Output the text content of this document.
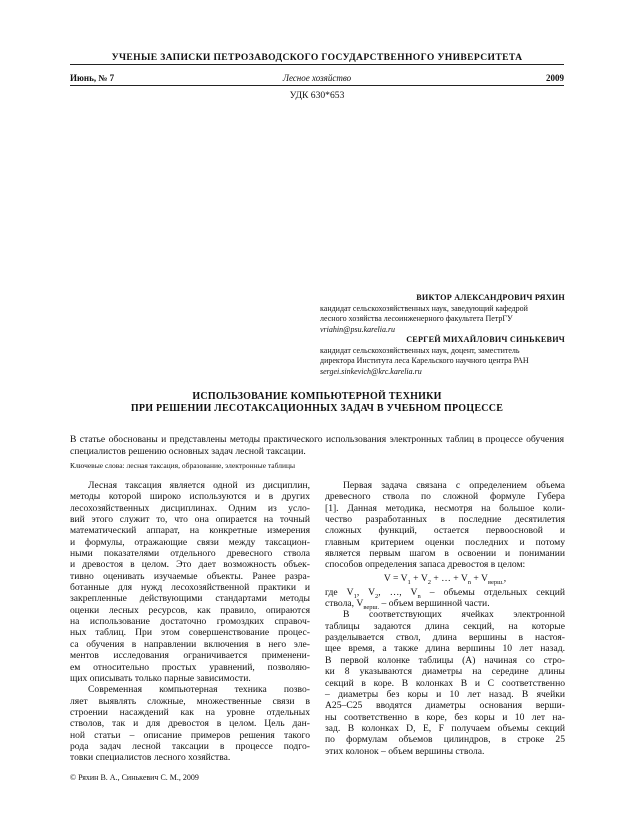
УЧЕНЫЕ ЗАПИСКИ ПЕТРОЗАВОДСКОГО ГОСУДАРСТВЕННОГО УНИВЕРСИТЕТА
Июнь, № 7	Лесное хозяйство	2009
УДК 630*653
ВИКТОР АЛЕКСАНДРОВИЧ РЯХИН
кандидат сельскохозяйственных наук, заведующий кафедрой
лесного хозяйства лесоинженерного факультета ПетрГУ
vriahin@psu.karelia.ru
СЕРГЕЙ МИХАЙЛОВИЧ СИНЬКЕВИЧ
кандидат сельскохозяйственных наук, доцент, заместитель
директора Института леса Карельского научного центра РАН
sergei.sinkevich@krc.karelia.ru
ИСПОЛЬЗОВАНИЕ КОМПЬЮТЕРНОЙ ТЕХНИКИ
ПРИ РЕШЕНИИ ЛЕСОТАКСАЦИОННЫХ ЗАДАЧ В УЧЕБНОМ ПРОЦЕССЕ
В статье обоснованы и представлены методы практического использования электронных таблиц в процессе обучения специалистов решению основных задач лесной таксации.
Ключевые слова: лесная таксация, образование, электронные таблицы
Лесная таксация является одной из дисциплин,
методы которой широко используются и в других
лесохозяйственных дисциплинах. Одним из усло-
вий этого служит то, что она опирается на точный
математический аппарат, на конкретные измерения
и формулы, отражающие связи между таксацион-
ными показателями отдельного древесного ствола
и древостоя в целом. Это дает возможность объек-
тивно оценивать изучаемые объекты. Ранее разра-
ботанные для нужд лесохозяйственной практики и
закрепленные действующими стандартами методы
оценки лесных ресурсов, как правило, опираются
на использование достаточно громоздких справоч-
ных таблиц. При этом совершенствование процес-
са обучения в направлении включения в него эле-
ментов исследования ограничивается применени-
ем относительно простых уравнений, позволяю-
щих описывать только парные зависимости.
Современная компьютерная техника позво-
ляет выявлять сложные, множественные связи в
строении насаждений как на уровне отдельных
стволов, так и для древостоя в целом. Цель дан-
ной статьи – описание примеров решения такого
рода задач лесной таксации в процессе подго-
товки специалистов лесного хозяйства.
Первая задача связана с определением объема
древесного ствола по сложной формуле Губера
[1]. Данная методика, несмотря на большое коли-
чество разработанных в последние десятилетия
сложных функций, остается первоосновой и
главным критерием оценки последних и потому
является первым шагом в освоении и понимании
способов определения запаса древостоя в целом:
$V = V_1 + V_2$ + … + $V_n + V_{верш.}$,
где $V_1$, $V_2$, …, $V_n$ – объемы отдельных секций
ствола, $V_{верш.}$ – объем вершинной части.
В соответствующих ячейках электронной
таблицы задаются длина секций, на которые
разделывается ствол, длина вершины в настоя-
щее время, а также длина вершины 10 лет назад.
В первой колонке таблицы (A) начиная со стро-
ки 8 указываются диаметры на середине длины
секций в коре. В колонках B и C соответственно
– диаметры без коры и 10 лет назад. В ячейки
A25–C25 вводятся диаметры основания верши-
ны соответственно в коре, без коры и 10 лет на-
зад. В колонках D, E, F получаем объемы секций
по формулам объемов цилиндров, в строке 25
этих колонок – объем вершины ствола.
© Ряхин В. А., Синькевич С. М., 2009
